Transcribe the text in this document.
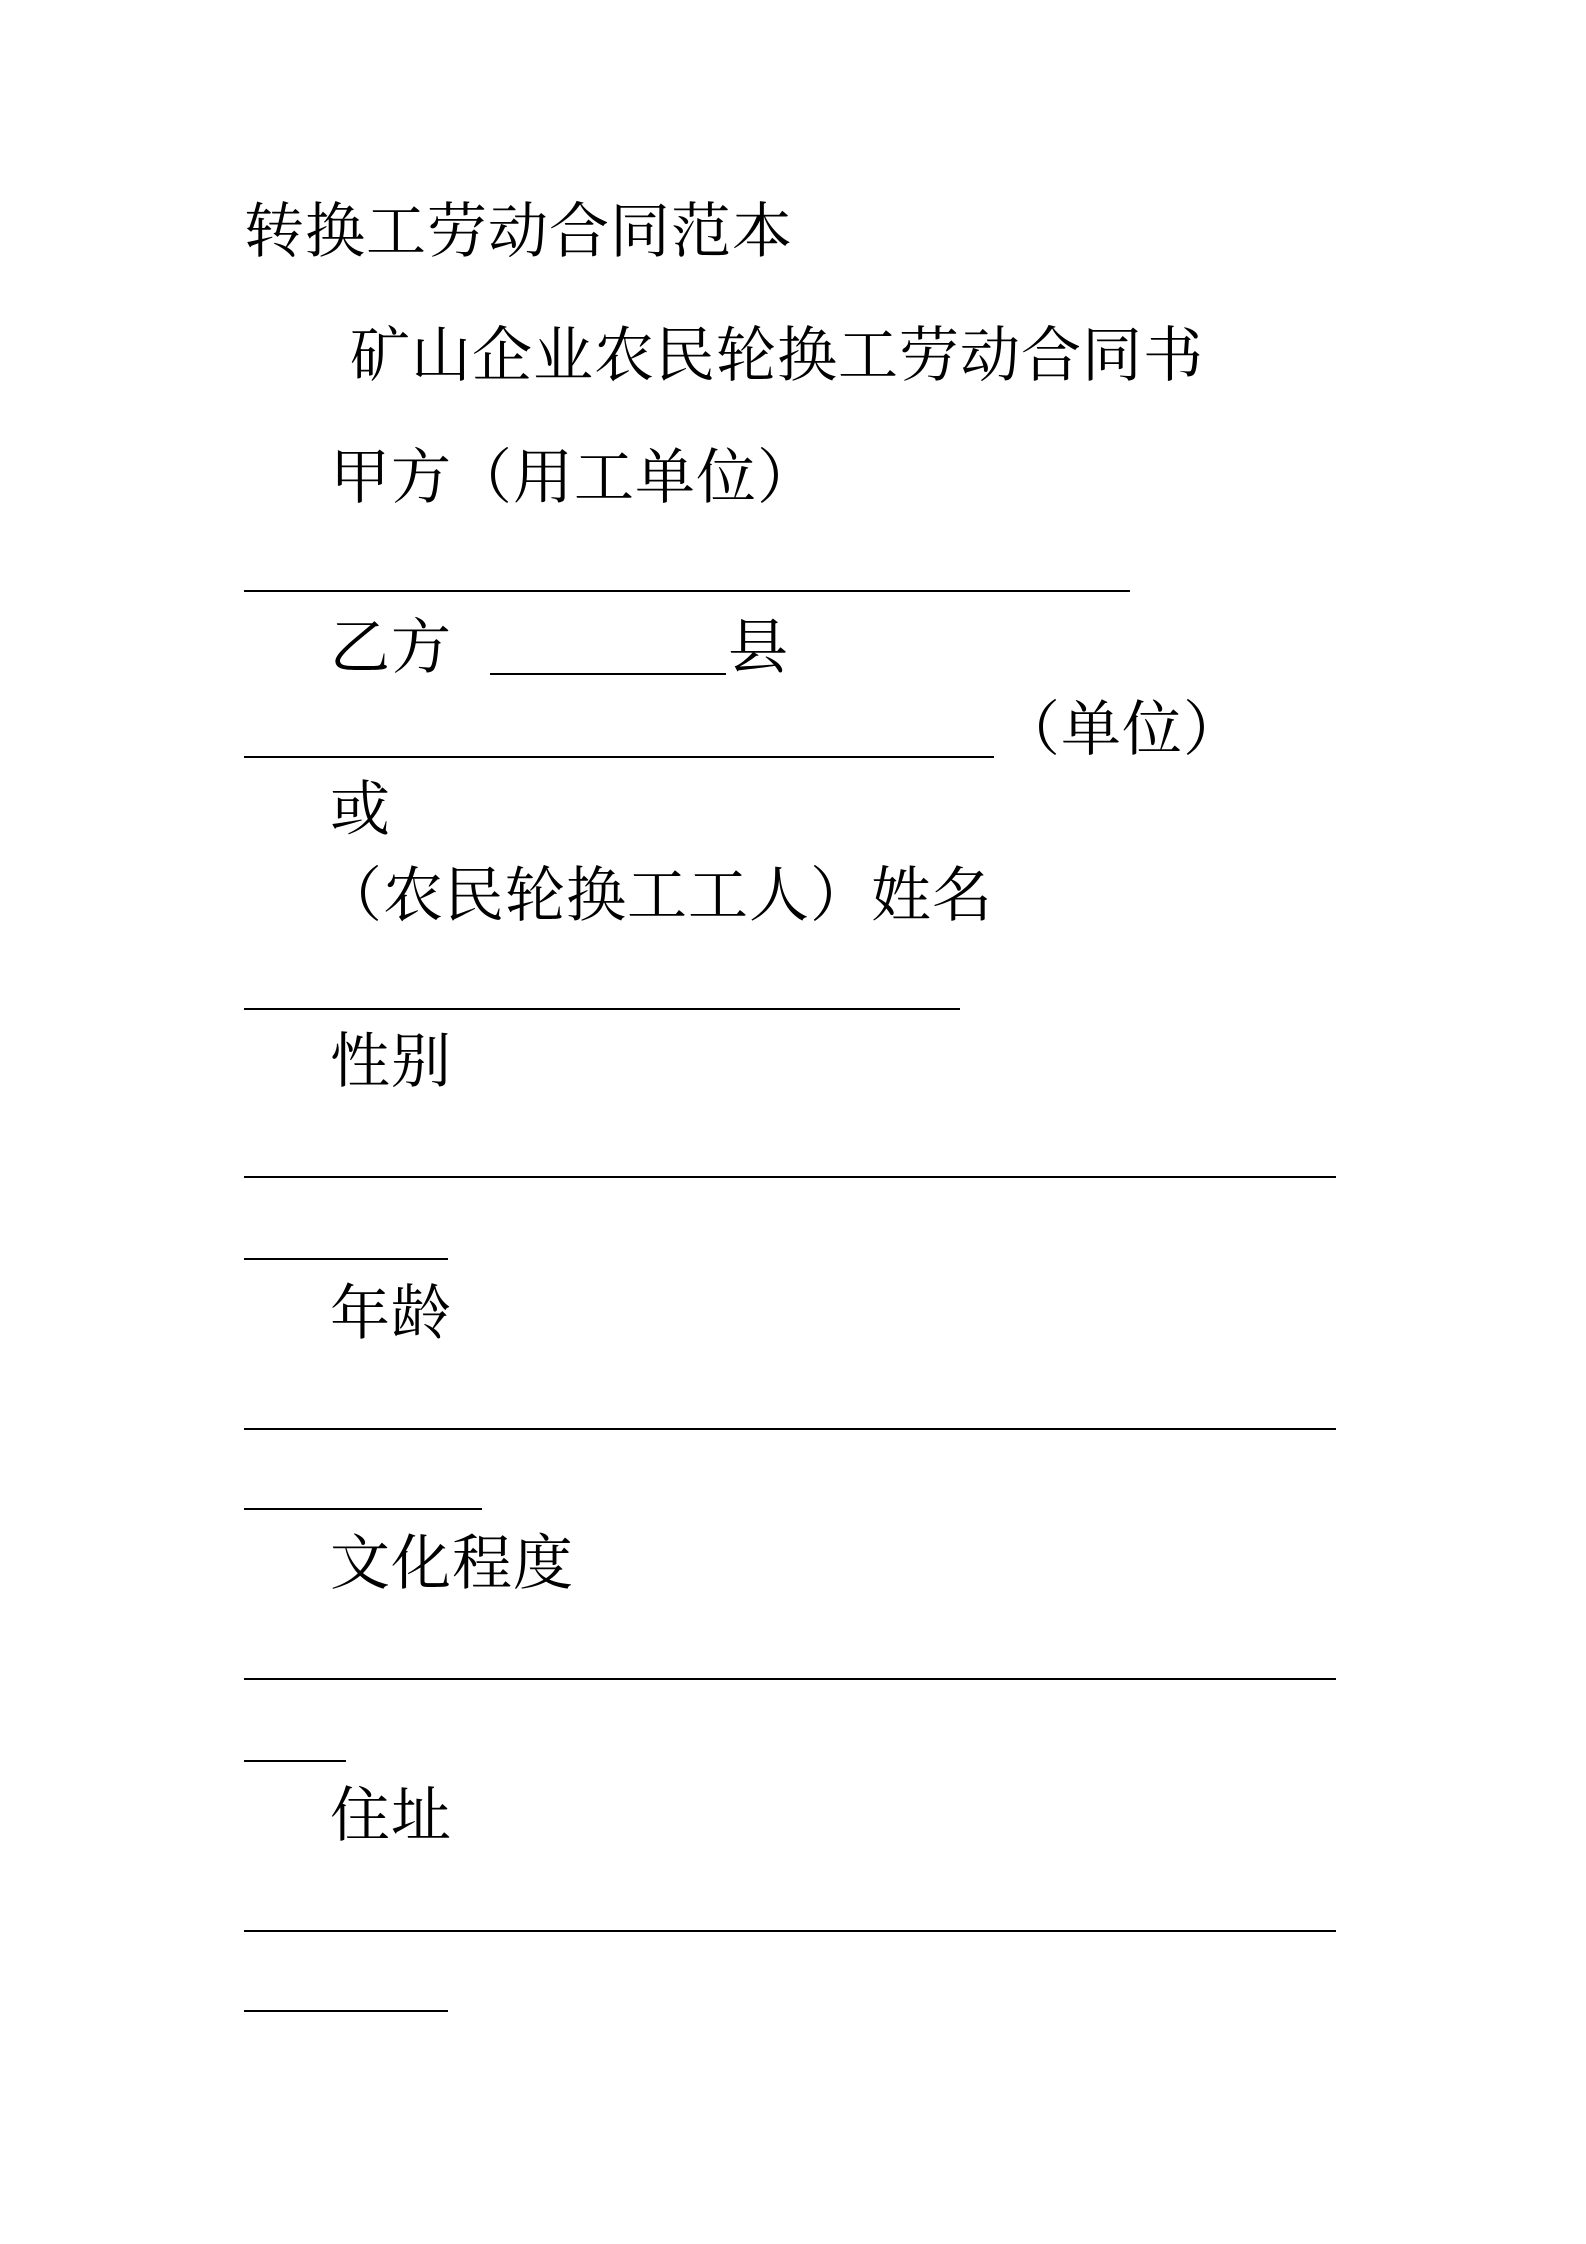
转换工劳动合同范本
矿山企业农民轮换工劳动合同书
甲方（用工单位）
乙方	县
（单位）
或
（农民轮换工工人）姓名
性别
年龄
文化程度
住址
